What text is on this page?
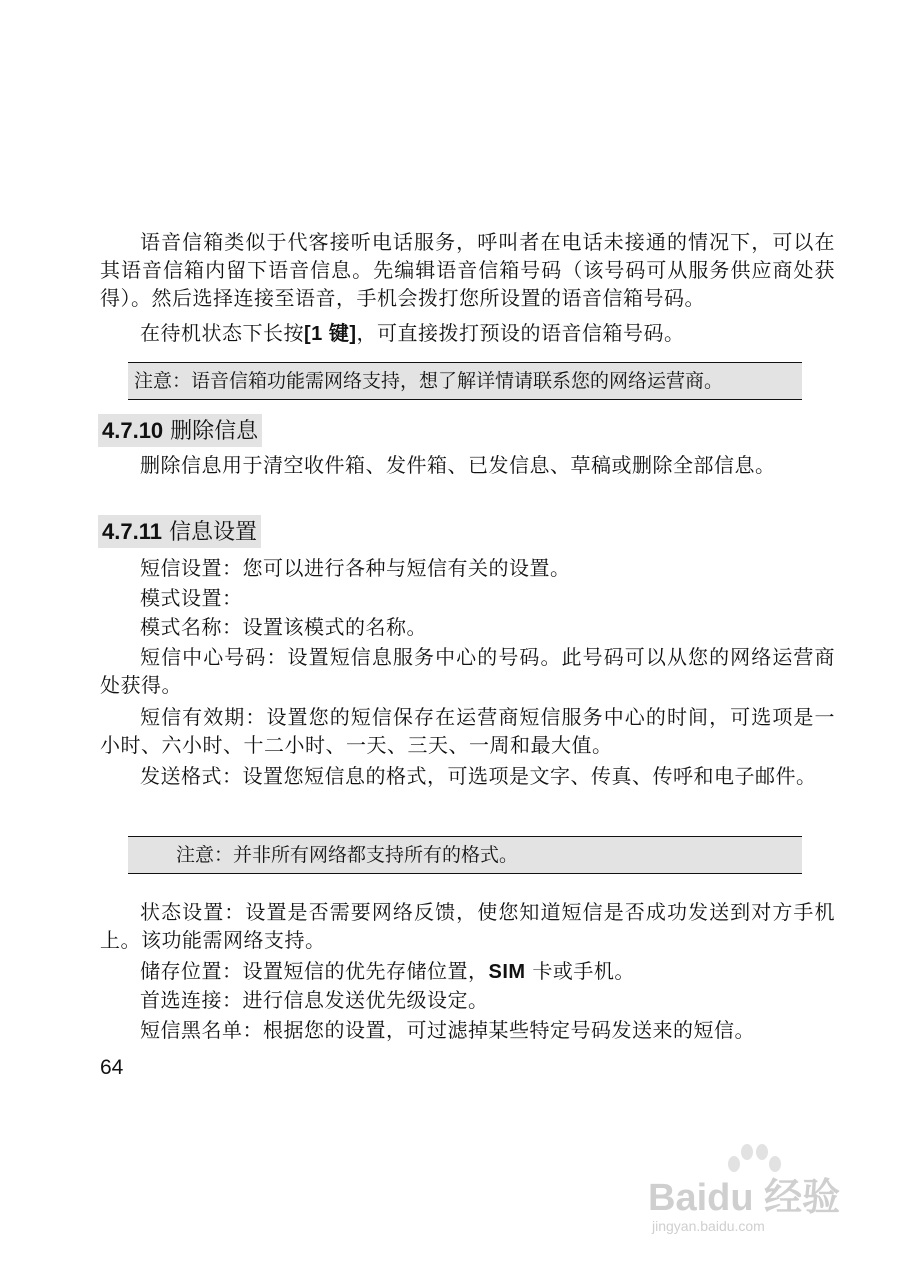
语音信箱类似于代客接听电话服务，呼叫者在电话未接通的情况下，可以在其语音信箱内留下语音信息。先编辑语音信箱号码（该号码可从服务供应商处获得）。然后选择连接至语音，手机会拨打您所设置的语音信箱号码。

在待机状态下长按[1 键]，可直接拨打预设的语音信箱号码。

注意：语音信箱功能需网络支持，想了解详情请联系您的网络运营商。
4.7.10 删除信息

删除信息用于清空收件箱、发件箱、已发信息、草稿或删除全部信息。

4.7.11 信息设置

短信设置：您可以进行各种与短信有关的设置。

模式设置：

模式名称：设置该模式的名称。

短信中心号码：设置短信息服务中心的号码。此号码可以从您的网络运营商处获得。

短信有效期：设置您的短信保存在运营商短信服务中心的时间，可选项是一小时、六小时、十二小时、一天、三天、一周和最大值。

发送格式：设置您短信息的格式，可选项是文字、传真、传呼和电子邮件。

注意：并非所有网络都支持所有的格式。

状态设置：设置是否需要网络反馈，使您知道短信是否成功发送到对方手机上。该功能需网络支持。

储存位置：设置短信的优先存储位置，SIM 卡或手机。

首选连接：进行信息发送优先级设定。

短信黑名单：根据您的设置，可过滤掉某些特定号码发送来的短信。

64
Baidu 经验
jingyan.baidu.com
